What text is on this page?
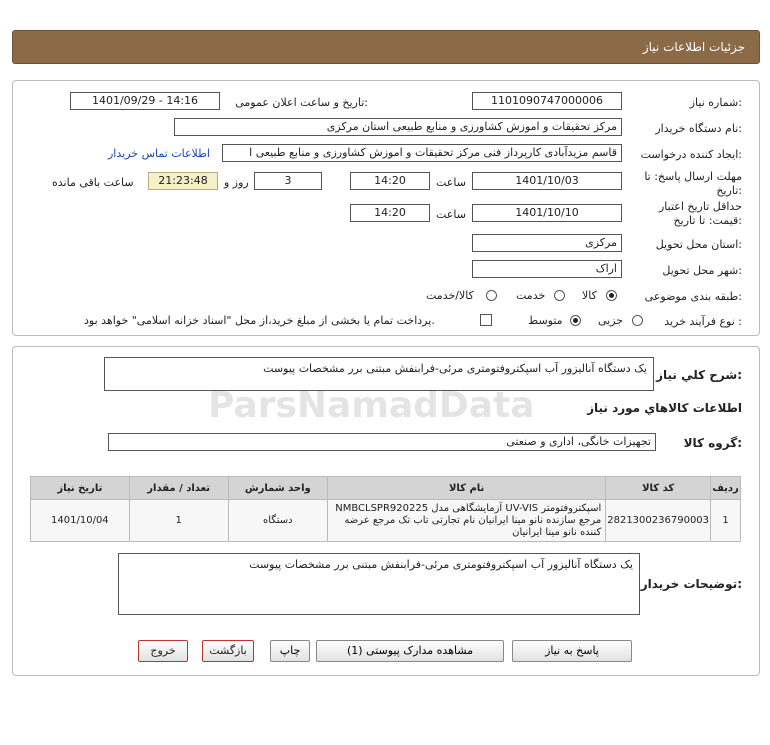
جزئیات اطلاعات نیاز
شماره نیاز:
1101090747000006
تاریخ و ساعت اعلان عمومی:
1401/09/29 - 14:16
نام دستگاه خریدار:
مرکز تحقیقات و اموزش کشاورزی و منابع طبیعی استان مرکزی
ایجاد کننده درخواست:
قاسم مزیدآبادی کارپرداز فنی مرکز تحقیقات و اموزش کشاورزی و منابع طبیعی ا
اطلاعات تماس خریدار
مهلت ارسال پاسخ: تا
تاریخ:
1401/10/03
ساعت
14:20
3
روز و
21:23:48
ساعت باقی مانده
حداقل تاریخ اعتبار
قیمت: تا تاریخ:
1401/10/10
ساعت
14:20
استان محل تحویل:
مرکزی
شهر محل تحویل:
اراک
طبقه بندی موضوعی:
کالا
خدمت
کالا/خدمت
نوع فرآیند خرید :
جزیی
متوسط
پرداخت تمام یا بخشی از مبلغ خرید،از محل "اسناد خزانه اسلامی" خواهد بود.
شرح کلي نياز:
یک دستگاه آنالیزور آب اسپکتروفتومتری مرئی-فرابنفش مبتنی برر مشخصات پیوست
اطلاعات کالاهاي مورد نياز
گروه کالا:
تجهیزات خانگی، اداری و صنعتی
ردیف	کد کالا	نام کالا	واحد شمارش	تعداد / مقدار	تاریخ نیاز
1	2821300236790003	اسپکتروفتومتر UV-VIS آزمایشگاهی مدل NMBCLSPR920225 مرجع سازنده نانو مینا ایرانیان نام تجارتی تاب تک مرجع عرضه کننده نانو مینا ایرانیان	دستگاه	1	1401/10/04
توضیحات خریدار:
یک دستگاه آنالیزور آب اسپکتروفتومتری مرئی-فرابنفش مبتنی برر مشخصات پیوست
پاسخ به نیاز
مشاهده مدارک پیوستی (1)
چاپ
بازگشت
خروج
